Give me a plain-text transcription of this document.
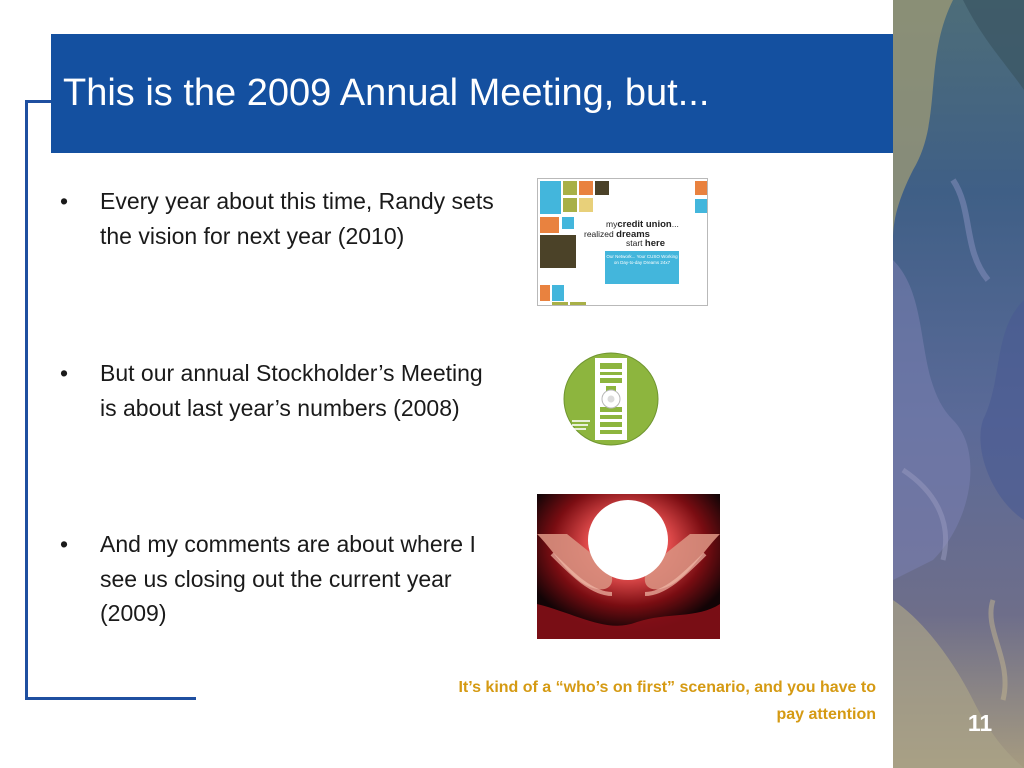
This is the 2009 Annual Meeting, but...
•	Every year about this time, Randy sets the vision for next year (2010)
•	But our annual Stockholder’s Meeting is about last year’s numbers (2008)
•	And my comments are about where I see us closing out the current year (2009)
mycredit union...
realized dreams
start here
Our Network... Your CUSO Working on Day-to-day Dreams 24x7

It’s kind of a “who’s on first” scenario, and you have to pay attention	11
